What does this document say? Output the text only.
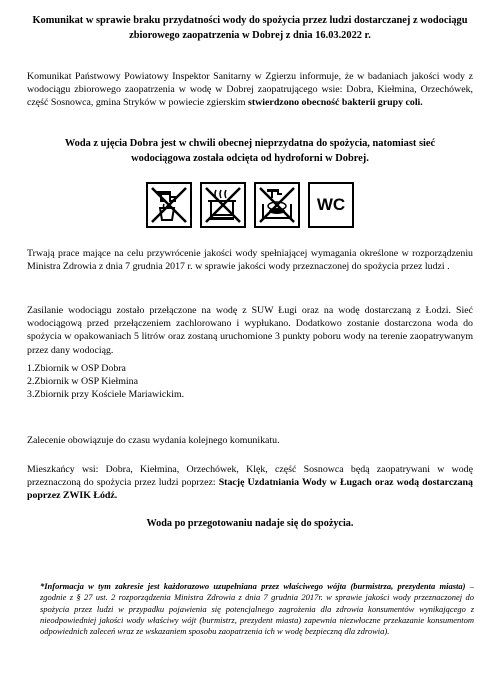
Komunikat w sprawie braku przydatności wody do spożycia przez ludzi dostarczanej z wodociągu zbiorowego zaopatrzenia w Dobrej z dnia 16.03.2022 r.
Komunikat Państwowy Powiatowy Inspektor Sanitarny w Zgierzu informuje, że w badaniach jakości wody z wodociągu zbiorowego zaopatrzenia w wodę w Dobrej zaopatrującego wsie: Dobra, Kiełmina, Orzechówek, część Sosnowca, gmina Stryków w powiecie zgierskim stwierdzono obecność bakterii grupy coli.
Woda z ujęcia Dobra jest w chwili obecnej nieprzydatna do spożycia, natomiast sieć wodociągowa została odcięta od hydroforni w Dobrej.
WC
Trwają prace mające na celu przywrócenie jakości wody spełniającej wymagania określone w rozporządzeniu Ministra Zdrowia z dnia 7 grudnia 2017 r. w sprawie jakości wody przeznaczonej do spożycia przez ludzi .
Zasilanie wodociągu zostało przełączone na wodę z SUW Ługi oraz na wodę dostarczaną z Łodzi. Sieć wodociągową przed przełączeniem zachlorowano i wypłukano. Dodatkowo zostanie dostarczona woda do spożycia w opakowaniach 5 litrów oraz zostaną uruchomione 3 punkty poboru wody na terenie zaopatrywanym przez dany wodociąg.
1.Zbiornik w OSP Dobra
2.Zbiornik w OSP Kiełmina
3.Zbiornik przy Kościele Mariawickim.
Zalecenie obowiązuje do czasu wydania kolejnego komunikatu.
Mieszkańcy wsi: Dobra, Kiełmina, Orzechówek, Klęk, część Sosnowca będą zaopatrywani w wodę przeznaczoną do spożycia przez ludzi poprzez: Stację Uzdatniania Wody w Ługach oraz wodą dostarczaną poprzez ZWIK Łódź.
Woda po przegotowaniu nadaje się do spożycia.
*Informacja w tym zakresie jest każdorazowo uzupełniana przez właściwego wójta (burmistrza, prezydenta miasta) – zgodnie z § 27 ust. 2 rozporządzenia Ministra Zdrowia z dnia 7 grudnia 2017r. w sprawie jakości wody przeznaczonej do spożycia przez ludzi w przypadku pojawienia się potencjalnego zagrożenia dla zdrowia konsumentów wynikającego z nieodpowiedniej jakości wody właściwy wójt (burmistrz, prezydent miasta) zapewnia niezwłoczne przekazanie konsumentom odpowiednich zaleceń wraz ze wskazaniem sposobu zaopatrzenia ich w wodę bezpieczną dla zdrowia).
